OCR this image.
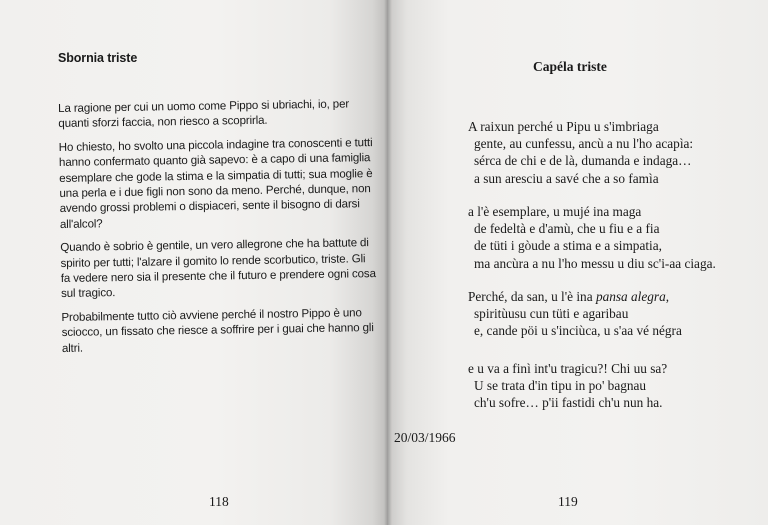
Sbornia triste

La ragione per cui un uomo come Pippo si ubriachi, io, per quanti sforzi faccia, non riesco a scoprirla.

Ho chiesto, ho svolto una piccola indagine tra conoscenti e tutti hanno confermato quanto già sapevo: è a capo di una famiglia esemplare che gode la stima e la simpatia di tutti; sua moglie è una perla e i due figli non sono da meno. Perché, dunque, non avendo grossi problemi o dispiaceri, sente il bisogno di darsi all'alcol?

Quando è sobrio è gentile, un vero allegrone che ha battute di spirito per tutti; l'alzare il gomito lo rende scorbutico, triste. Gli fa vedere nero sia il presente che il futuro e prendere ogni cosa sul tragico.

Probabilmente tutto ciò avviene perché il nostro Pippo è uno sciocco, un fissato che riesce a soffrire per i guai che hanno gli altri.

118
Capéla triste
A raixun perché u Pipu u s'imbriaga
gente, au cunfessu, ancù a nu l'ho acapìa:
sérca de chi e de là, dumanda e indaga…
a sun aresciu a savé che a so famìa
a l'è esemplare, u mujé ina maga
de fedeltà e d'amù, che u fiu e a fia
de tüti i gòude a stima e a simpatia,
ma ancùra a nu l'ho messu u diu sc'i-aa ciaga.
Perché, da san, u l'è ina pansa alegra,
spiritùusu cun tüti e agaribau
e, cande pöi u s'inciùca, u s'aa vé négra
e u va a finì int'u tragicu?! Chi uu sa?
U se trata d'in tipu in po' bagnau
ch'u sofre… p'ii fastidi ch'u nun ha.
119
20/03/1966
